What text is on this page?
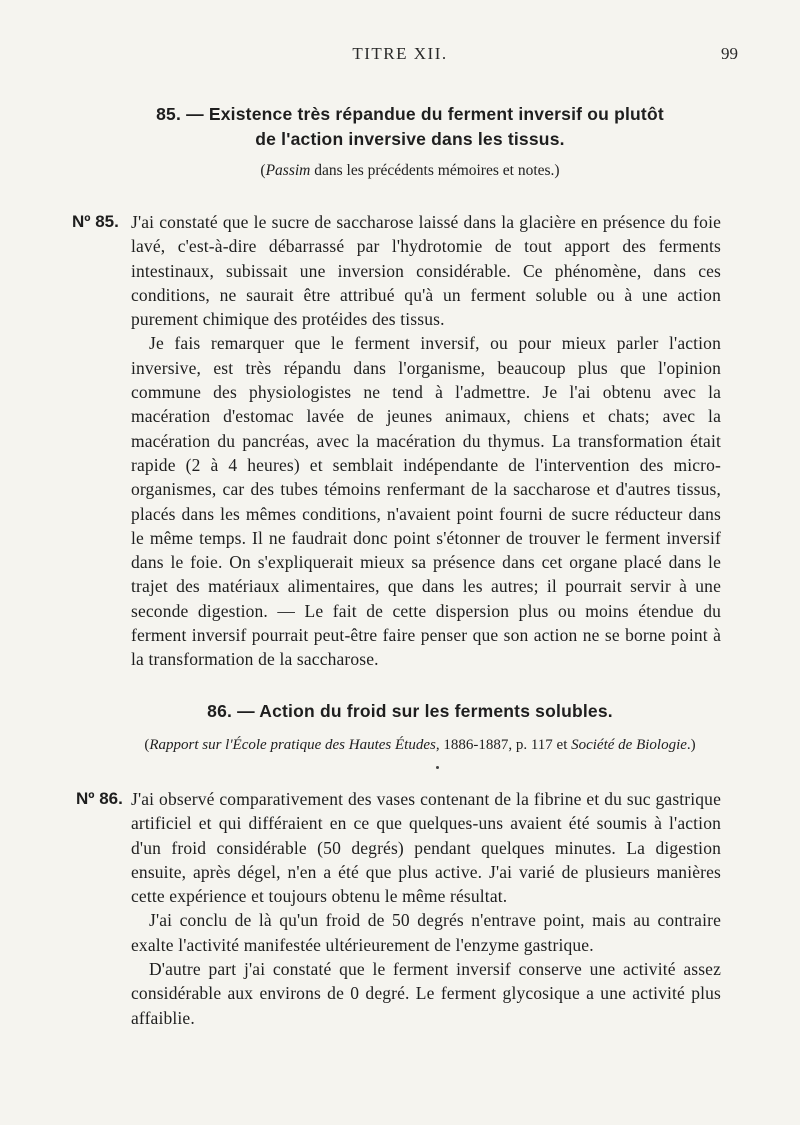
TITRE XII.	99
85. — Existence très répandue du ferment inversif ou plutôt
de l'action inversive dans les tissus.
(Passim dans les précédents mémoires et notes.)
Nº 85. J'ai constaté que le sucre de saccharose laissé dans la glacière en présence du foie lavé, c'est-à-dire débarrassé par l'hydrotomie de tout apport des ferments intestinaux, subissait une inversion considérable. Ce phénomène, dans ces conditions, ne saurait être attribué qu'à un ferment soluble ou à une action purement chimique des protéides des tissus.

Je fais remarquer que le ferment inversif, ou pour mieux parler l'action inversive, est très répandu dans l'organisme, beaucoup plus que l'opinion commune des physiologistes ne tend à l'admettre. Je l'ai obtenu avec la macération d'estomac lavée de jeunes animaux, chiens et chats; avec la macération du pancréas, avec la macération du thymus. La transformation était rapide (2 à 4 heures) et semblait indépendante de l'intervention des micro-organismes, car des tubes témoins renfermant de la saccharose et d'autres tissus, placés dans les mêmes conditions, n'avaient point fourni de sucre réducteur dans le même temps. Il ne faudrait donc point s'étonner de trouver le ferment inversif dans le foie. On s'expliquerait mieux sa présence dans cet organe placé dans le trajet des matériaux alimentaires, que dans les autres; il pourrait servir à une seconde digestion. — Le fait de cette dispersion plus ou moins étendue du ferment inversif pourrait peut-être faire penser que son action ne se borne point à la transformation de la saccharose.

86. — Action du froid sur les ferments solubles.
(Rapport sur l'École pratique des Hautes Études, 1886-1887, p. 117 et Société de Biologie.)
Nº 86. J'ai observé comparativement des vases contenant de la fibrine et du suc gastrique artificiel et qui différaient en ce que quelques-uns avaient été soumis à l'action d'un froid considérable (50 degrés) pendant quelques minutes. La digestion ensuite, après dégel, n'en a été que plus active. J'ai varié de plusieurs manières cette expérience et toujours obtenu le même résultat.

J'ai conclu de là qu'un froid de 50 degrés n'entrave point, mais au contraire exalte l'activité manifestée ultérieurement de l'enzyme gastrique.

D'autre part j'ai constaté que le ferment inversif conserve une activité assez considérable aux environs de 0 degré. Le ferment glycosique a une activité plus affaiblie.
